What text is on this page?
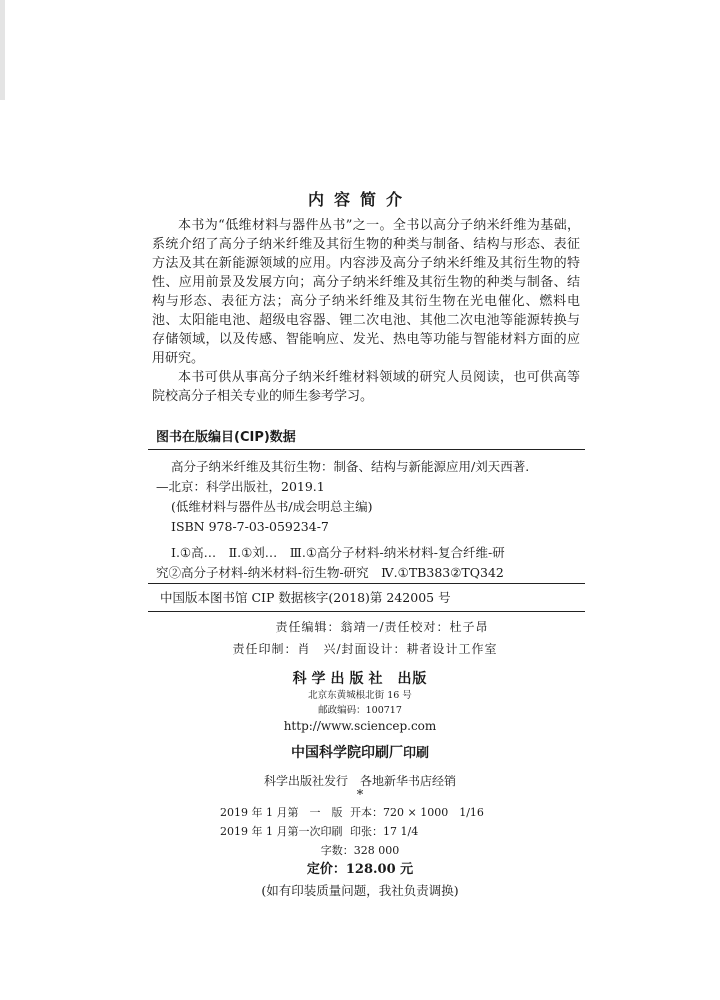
内容简介

本书为“低维材料与器件丛书”之一。全书以高分子纳米纤维为基础，系统介绍了高分子纳米纤维及其衍生物的种类与制备、结构与形态、表征方法及其在新能源领域的应用。内容涉及高分子纳米纤维及其衍生物的特性、应用前景及发展方向；高分子纳米纤维及其衍生物的种类与制备、结构与形态、表征方法；高分子纳米纤维及其衍生物在光电催化、燃料电池、太阳能电池、超级电容器、锂二次电池、其他二次电池等能源转换与存储领域，以及传感、智能响应、发光、热电等功能与智能材料方面的应用研究。

本书可供从事高分子纳米纤维材料领域的研究人员阅读，也可供高等院校高分子相关专业的师生参考学习。

图书在版编目(CIP)数据

高分子纳米纤维及其衍生物：制备、结构与新能源应用/刘天西著.

—北京：科学出版社，2019.1

(低维材料与器件丛书/成会明总主编)

ISBN 978-7-03-059234-7

Ⅰ.①高…　Ⅱ.①刘…　Ⅲ.①高分子材料-纳米材料-复合纤维-研

究②高分子材料-纳米材料-衍生物-研究　Ⅳ.①TB383②TQ342

中国版本图书馆 CIP 数据核字(2018)第 242005 号
责任编辑：翁靖一/责任校对：杜子昂
责任印制：肖　兴/封面设计：耕者设计工作室
科学出版社 出版
北京东黄城根北街 16 号
邮政编码：100717
http://www.sciencep.com
中国科学院印刷厂印刷
科学出版社发行　各地新华书店经销
*
2019 年 1 月第　一　版 开本：720 × 1000　1/16
2019 年 1 月第一次印刷 印张：17 1/4
字数：328 000
定价：128.00 元
(如有印装质量问题，我社负责调换)
